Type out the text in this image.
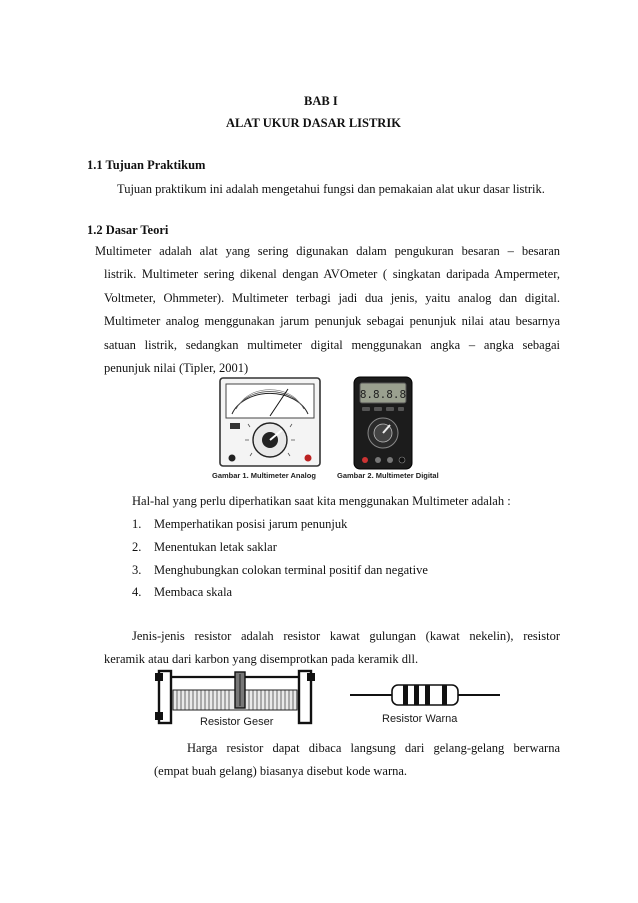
BAB I
ALAT UKUR DASAR LISTRIK
1.1 Tujuan Praktikum
Tujuan praktikum ini adalah mengetahui fungsi dan pemakaian alat ukur dasar listrik.
1.2 Dasar Teori
Multimeter adalah alat yang sering digunakan dalam pengukuran besaran – besaran
listrik. Multimeter sering dikenal dengan AVOmeter ( singkatan daripada Ampermeter,
Voltmeter, Ohmmeter). Multimeter terbagi jadi dua jenis, yaitu analog dan digital.
Multimeter analog menggunakan jarum penunjuk sebagai penunjuk nilai atau besarnya
satuan listrik, sedangkan multimeter digital menggunakan angka – angka sebagai
penunjuk nilai (Tipler, 2001)
Gambar 1. Multimeter Analog
8.8.8.8
Gambar 2. Multimeter Digital
Hal-hal yang perlu diperhatikan saat kita menggunakan Multimeter adalah :
1. Memperhatikan posisi jarum penunjuk
2. Menentukan letak saklar
3. Menghubungkan colokan terminal positif dan negative
4. Membaca skala
Jenis-jenis resistor adalah resistor kawat gulungan (kawat nekelin), resistor
keramik atau dari karbon yang disemprotkan pada keramik dll.
Resistor Geser	Resistor Warna
Harga resistor dapat dibaca langsung dari gelang-gelang berwarna
(empat buah gelang) biasanya disebut kode warna.
